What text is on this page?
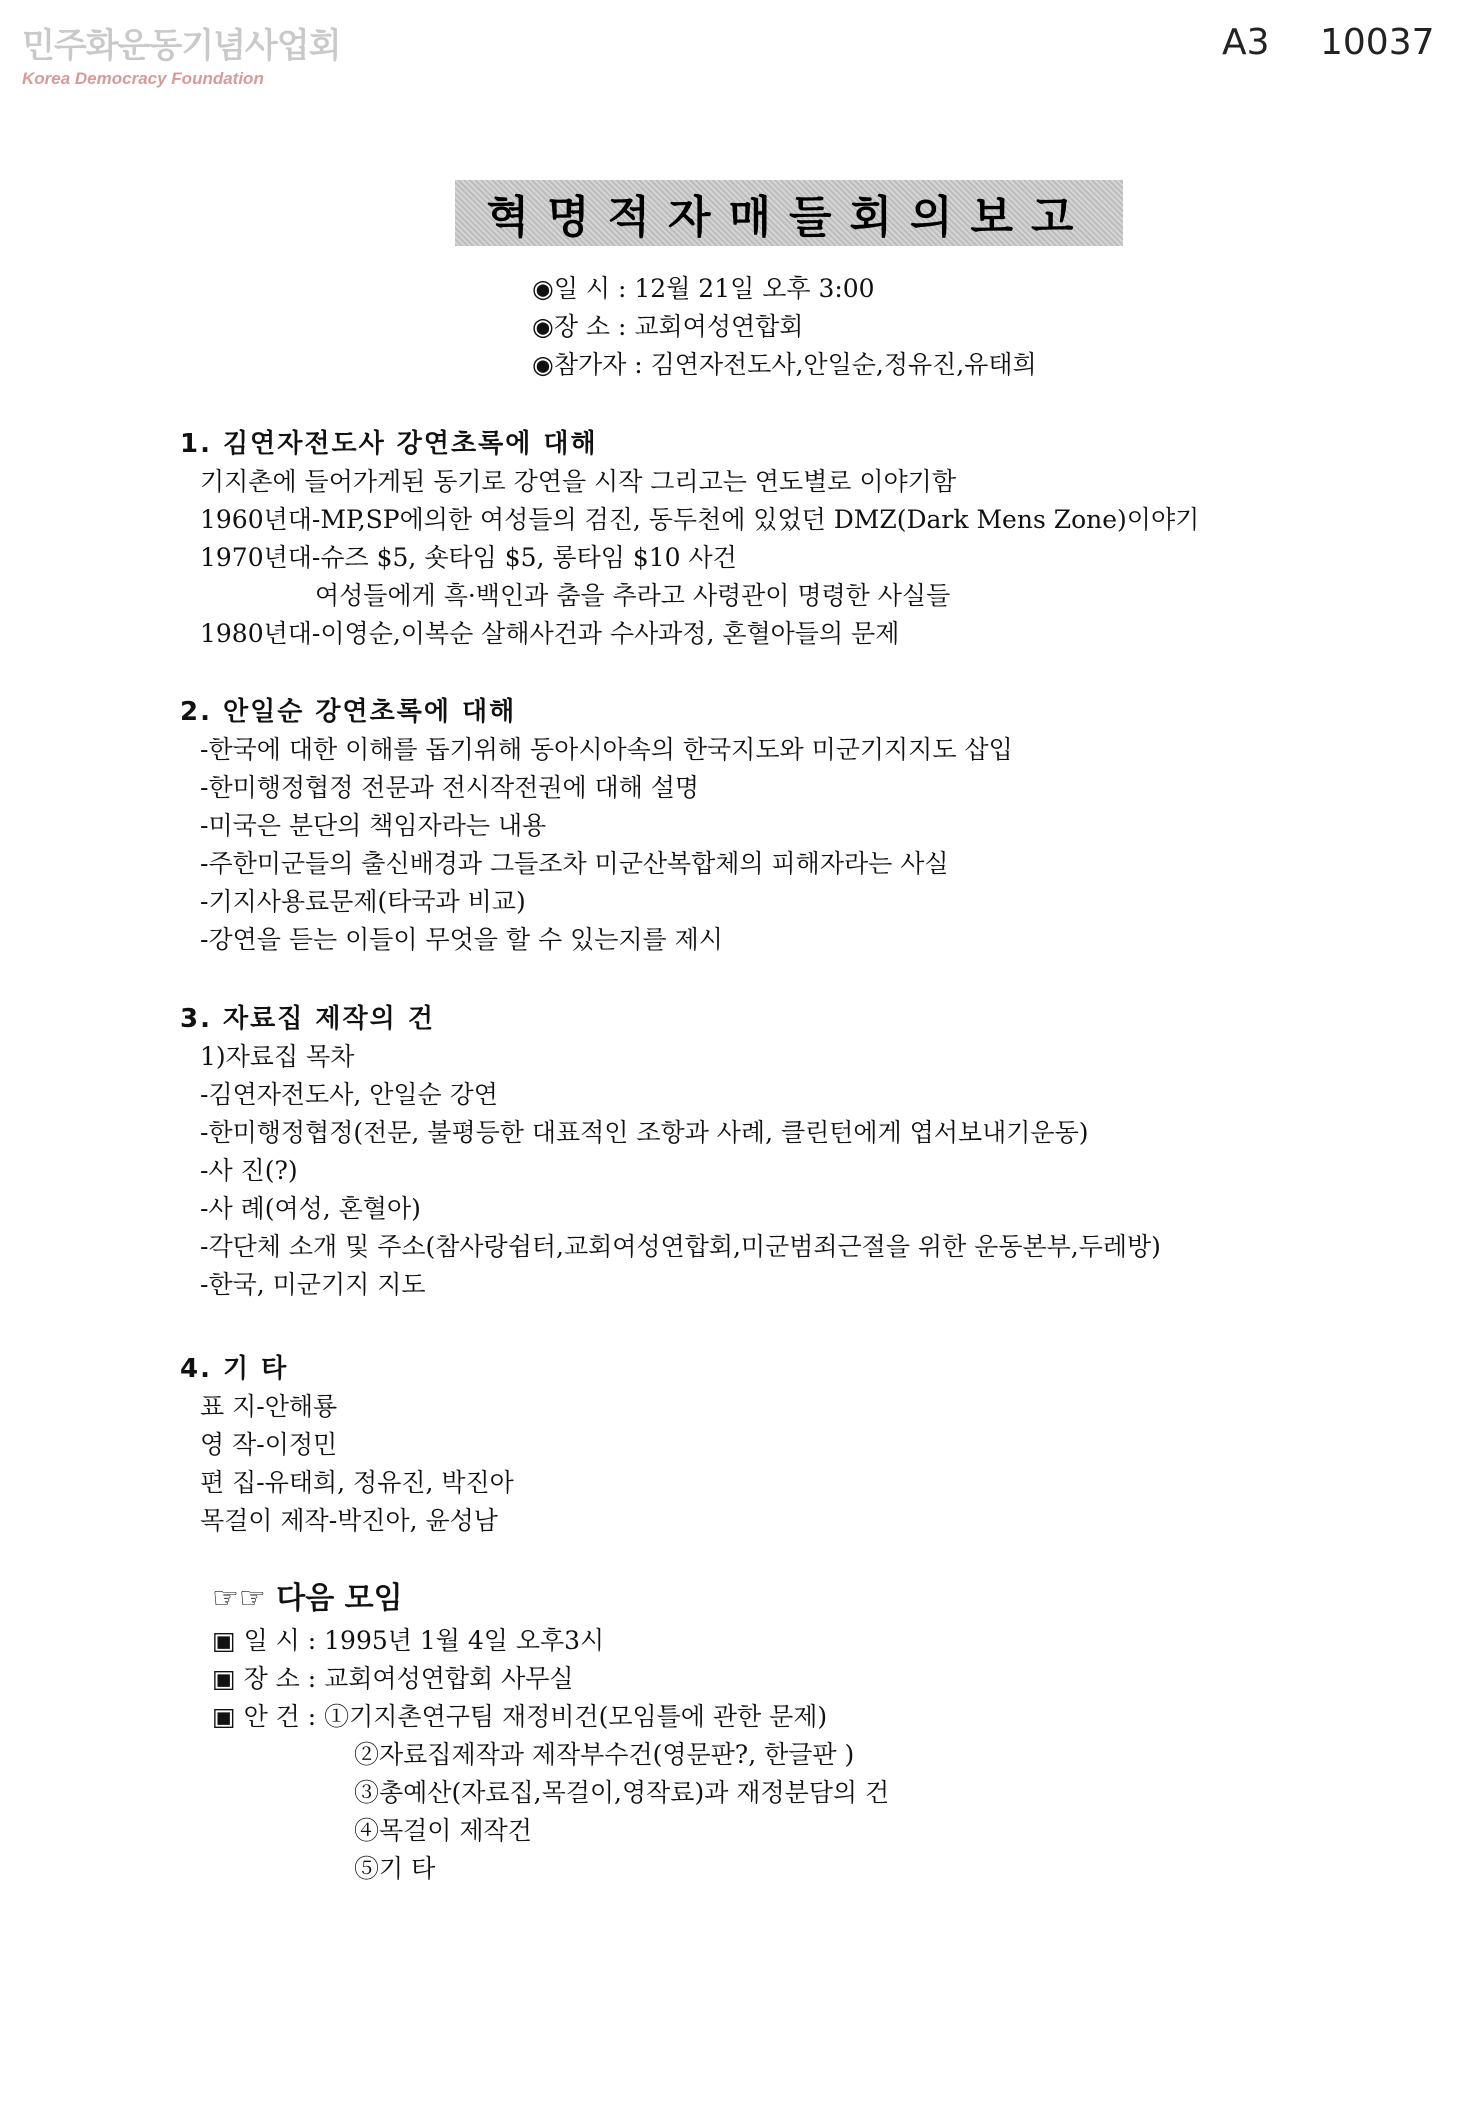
민주화운동기념사업회
Korea Democracy Foundation
A3 10037
혁명적자매들회의보고
◉일 시 : 12월 21일 오후 3:00
◉장 소 : 교회여성연합회
◉참가자 : 김연자전도사,안일순,정유진,유태희
1. 김연자전도사 강연초록에 대해
기지촌에 들어가게된 동기로 강연을 시작 그리고는 연도별로 이야기함
1960년대-MP,SP에의한 여성들의 검진, 동두천에 있었던 DMZ(Dark Mens Zone)이야기
1970년대-슈즈 $5, 숏타임 $5, 롱타임 $10 사건
여성들에게 흑·백인과 춤을 추라고 사령관이 명령한 사실들
1980년대-이영순,이복순 살해사건과 수사과정, 혼혈아들의 문제
2. 안일순 강연초록에 대해
-한국에 대한 이해를 돕기위해 동아시아속의 한국지도와 미군기지지도 삽입
-한미행정협정 전문과 전시작전권에 대해 설명
-미국은 분단의 책임자라는 내용
-주한미군들의 출신배경과 그들조차 미군산복합체의 피해자라는 사실
-기지사용료문제(타국과 비교)
-강연을 듣는 이들이 무엇을 할 수 있는지를 제시
3. 자료집 제작의 건
1)자료집 목차
-김연자전도사, 안일순 강연
-한미행정협정(전문, 불평등한 대표적인 조항과 사례, 클린턴에게 엽서보내기운동)
-사 진(?)
-사 례(여성, 혼혈아)
-각단체 소개 및 주소(참사랑쉼터,교회여성연합회,미군범죄근절을 위한 운동본부,두레방)
-한국, 미군기지 지도
4. 기 타
표 지-안해룡
영 작-이정민
편 집-유태희, 정유진, 박진아
목걸이 제작-박진아, 윤성남
☞☞ 다음 모임
▣ 일 시 : 1995년 1월 4일 오후3시
▣ 장 소 : 교회여성연합회 사무실
▣ 안 건 : ①기지촌연구팀 재정비건(모임틀에 관한 문제)
②자료집제작과 제작부수건(영문판?, 한글판 )
③총예산(자료집,목걸이,영작료)과 재정분담의 건
④목걸이 제작건
⑤기 타
